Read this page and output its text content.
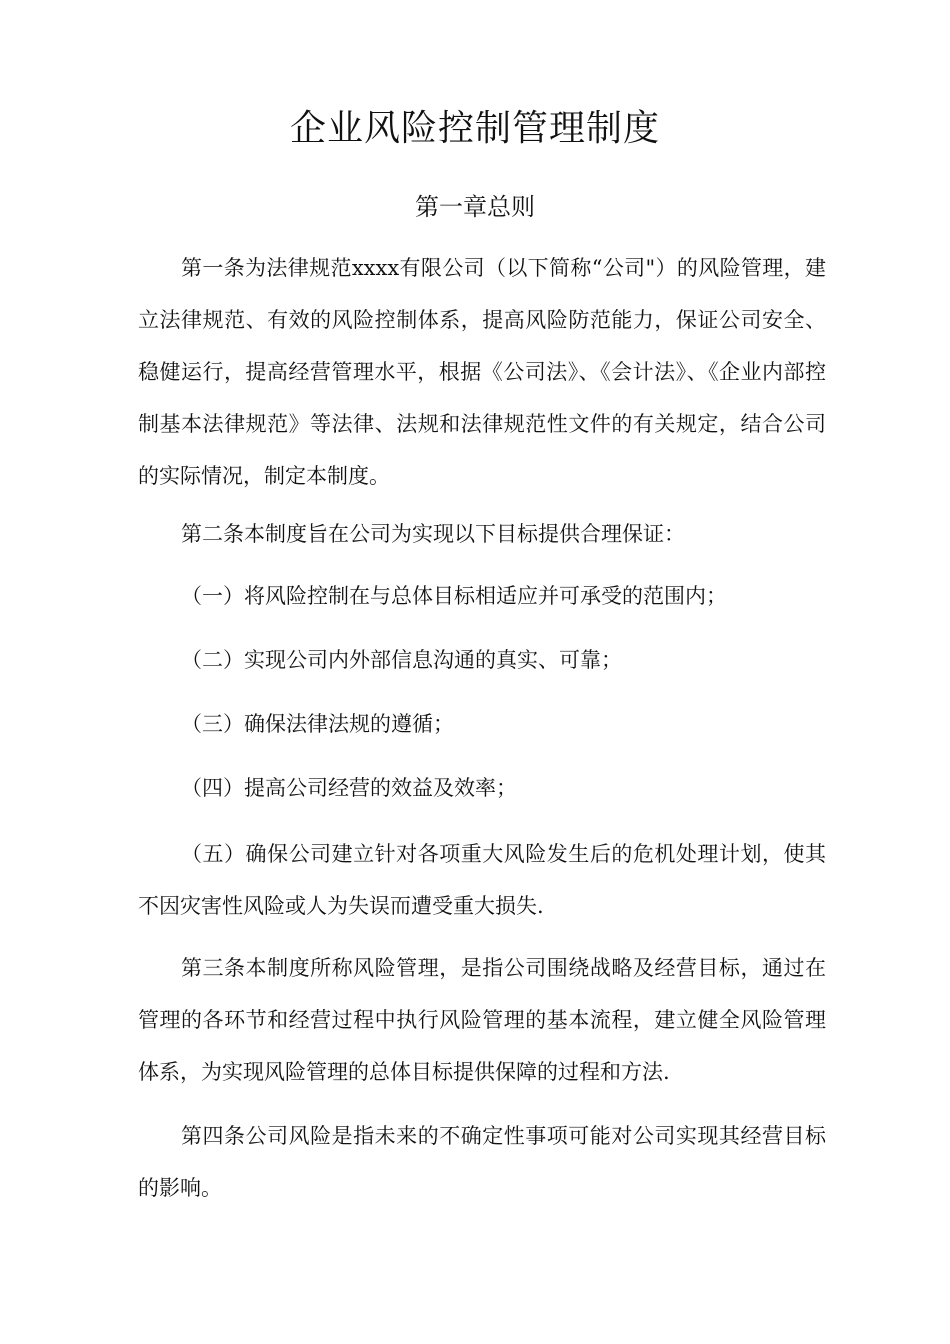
企业风险控制管理制度
第一章总则

第一条为法律规范xxxx有限公司（以下简称“公司"）的风险管理，建立法律规范、有效的风险控制体系，提高风险防范能力，保证公司安全、稳健运行，提高经营管理水平，根据《公司法》、《会计法》、《企业内部控制基本法律规范》等法律、法规和法律规范性文件的有关规定，结合公司的实际情况，制定本制度。

第二条本制度旨在公司为实现以下目标提供合理保证：

（一）将风险控制在与总体目标相适应并可承受的范围内；

（二）实现公司内外部信息沟通的真实、可靠；

（三）确保法律法规的遵循；

（四）提高公司经营的效益及效率；

（五）确保公司建立针对各项重大风险发生后的危机处理计划，使其不因灾害性风险或人为失误而遭受重大损失.

第三条本制度所称风险管理，是指公司围绕战略及经营目标，通过在管理的各环节和经营过程中执行风险管理的基本流程，建立健全风险管理体系，为实现风险管理的总体目标提供保障的过程和方法.

第四条公司风险是指未来的不确定性事项可能对公司实现其经营目标的影响。
